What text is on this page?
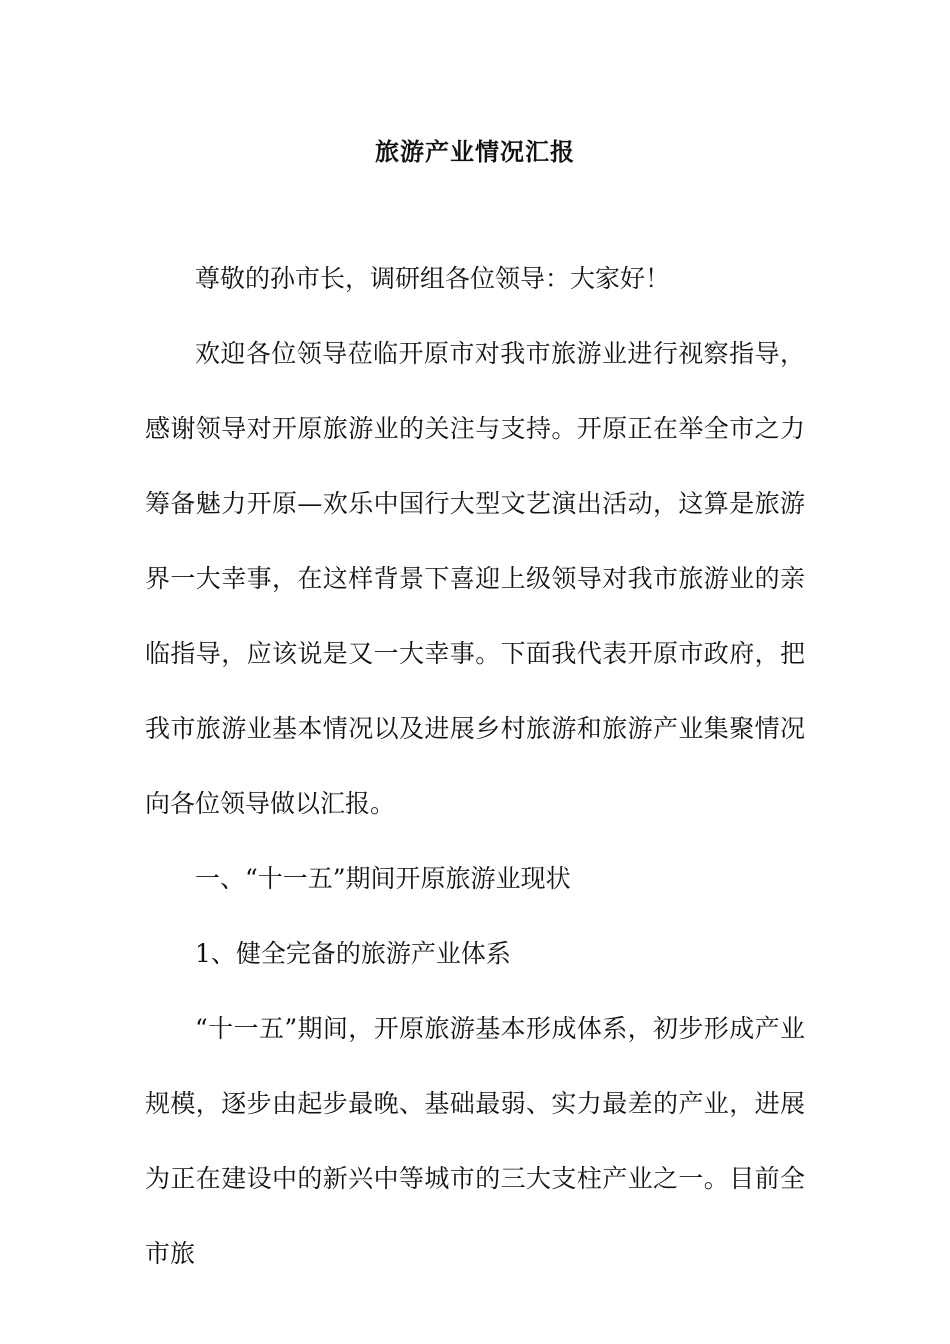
旅游产业情况汇报

尊敬的孙市长，调研组各位领导：大家好！

欢迎各位领导莅临开原市对我市旅游业进行视察指导，感谢领导对开原旅游业的关注与支持。开原正在举全市之力筹备魅力开原—欢乐中国行大型文艺演出活动，这算是旅游界一大幸事，在这样背景下喜迎上级领导对我市旅游业的亲临指导，应该说是又一大幸事。下面我代表开原市政府，把我市旅游业基本情况以及进展乡村旅游和旅游产业集聚情况向各位领导做以汇报。

一、“十一五”期间开原旅游业现状

1、健全完备的旅游产业体系

“十一五”期间，开原旅游基本形成体系，初步形成产业规模，逐步由起步最晚、基础最弱、实力最差的产业，进展为正在建设中的新兴中等城市的三大支柱产业之一。目前全市旅
